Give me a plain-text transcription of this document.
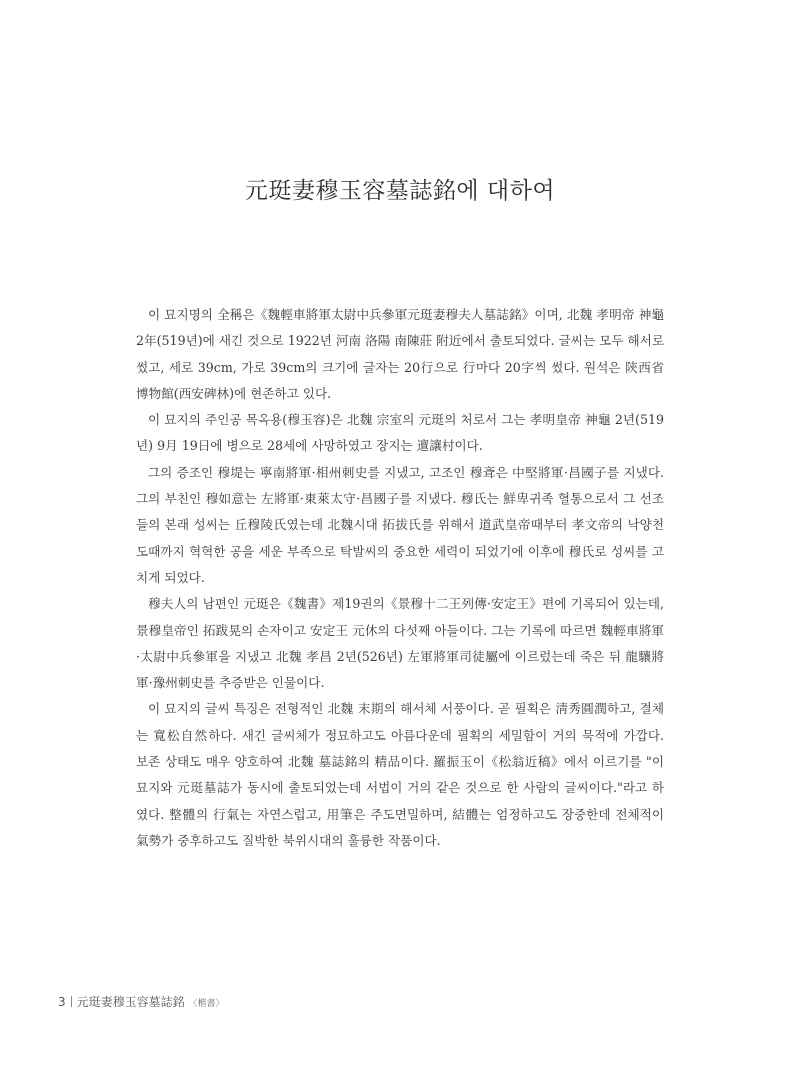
元珽妻穆玉容墓誌銘에 대하여

이 묘지명의 全稱은《魏輕車將軍太尉中兵參軍元珽妻穆夫人墓誌銘》이며, 北魏 孝明帝 神龜 2年(519년)에 새긴 것으로 1922년 河南 洛陽 南陳莊 附近에서 출토되었다. 글씨는 모두 해서로 썼고, 세로 39cm, 가로 39cm의 크기에 글자는 20行으로 行마다 20字씩 썼다. 원석은 陝西省博物館(西安碑林)에 현존하고 있다.

이 묘지의 주인공 목옥용(穆玉容)은 北魏 宗室의 元珽의 처로서 그는 孝明皇帝 神龜 2년(519년) 9月 19日에 병으로 28세에 사망하였고 장지는 邅讓村이다.

그의 증조인 穆堤는 寧南將軍·相州刺史를 지냈고, 고조인 穆斊은 中堅將軍·昌國子를 지냈다. 그의 부친인 穆如意는 左將軍·東萊太守·昌國子를 지냈다. 穆氏는 鮮卑귀족 혈통으로서 그 선조들의 본래 성씨는 丘穆陵氏였는데 北魏시대 拓拔氏를 위해서 道武皇帝때부터 孝文帝의 낙양천도때까지 혁혁한 공을 세운 부족으로 탁발씨의 중요한 세력이 되었기에 이후에 穆氏로 성씨를 고치게 되었다.

穆夫人의 남편인 元珽은《魏書》제19권의《景穆十二王列傳·安定王》편에 기록되어 있는데, 景穆皇帝인 拓跋晃의 손자이고 安定王 元休의 다섯째 아들이다. 그는 기록에 따르면 魏輕車將軍·太尉中兵參軍을 지냈고 北魏 孝昌 2년(526년) 左軍將軍司徒屬에 이르렀는데 죽은 뒤 龍驤將軍·豫州刺史를 추증받은 인물이다.

이 묘지의 글씨 특징은 전형적인 北魏 末期의 해서체 서풍이다. 곧 필획은 淸秀圓潤하고, 결체는 寬松自然하다. 새긴 글씨체가 정묘하고도 아름다운데 필획의 세밀함이 거의 묵적에 가깝다. 보존 상태도 매우 양호하여 北魏 墓誌銘의 精品이다. 羅振玉이《松翁近稿》에서 이르기를 "이 묘지와 元珽墓誌가 동시에 출토되었는데 서법이 거의 같은 것으로 한 사람의 글씨이다."라고 하였다. 整體의 行氣는 자연스럽고, 用筆은 주도면밀하며, 結體는 엄정하고도 장중한데 전체적이 氣勢가 중후하고도 질박한 북위시대의 훌륭한 작품이다.

3 元珽妻穆玉容墓誌銘 〈楷書〉
